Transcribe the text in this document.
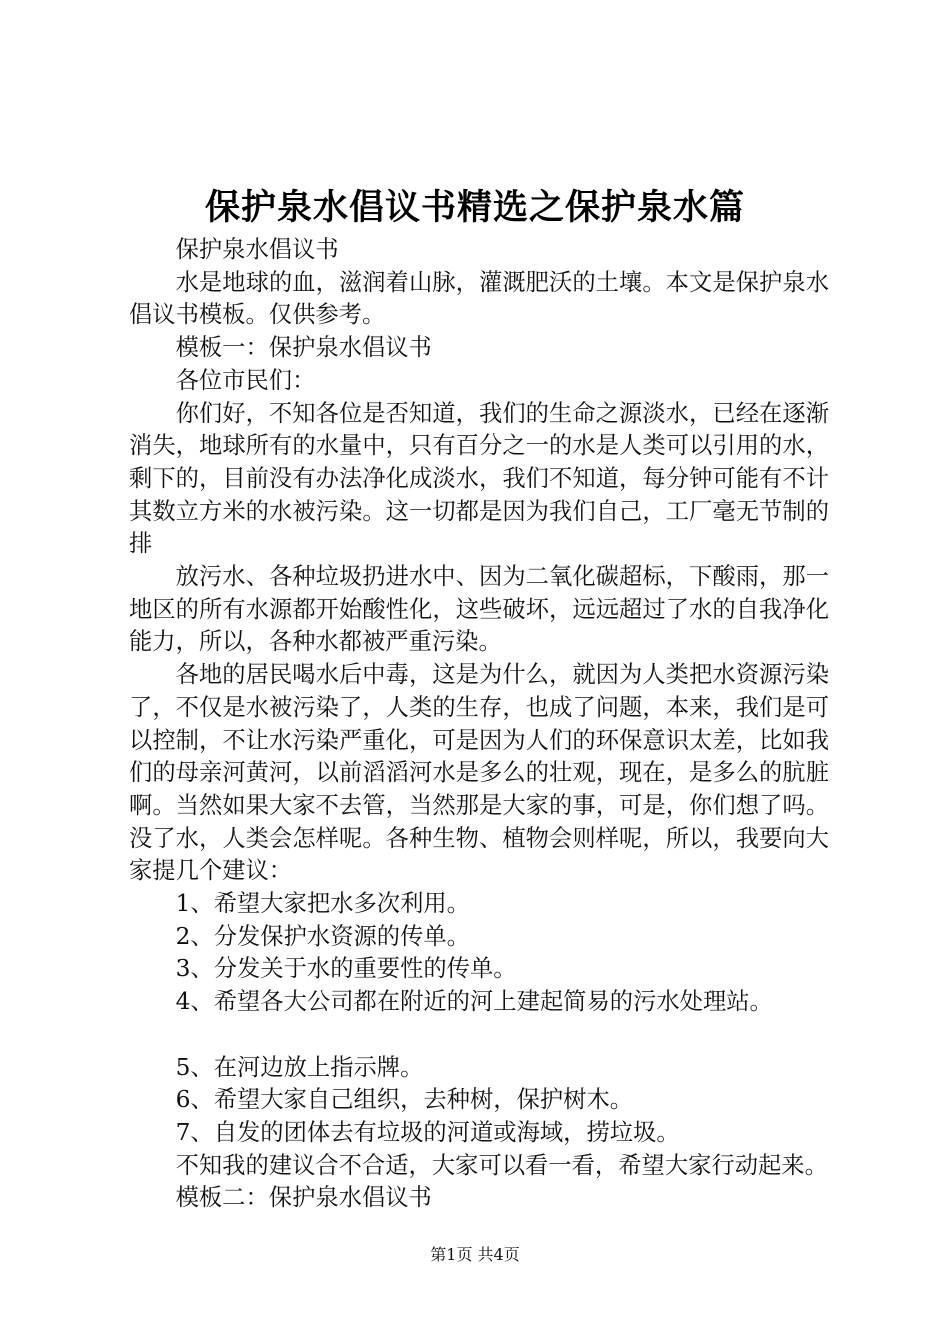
保护泉水倡议书精选之保护泉水篇

保护泉水倡议书

水是地球的血，滋润着山脉，灌溉肥沃的土壤。本文是保护泉水倡议书模板。仅供参考。

模板一：保护泉水倡议书

各位市民们：

你们好，不知各位是否知道，我们的生命之源淡水，已经在逐渐消失，地球所有的水量中，只有百分之一的水是人类可以引用的水，剩下的，目前没有办法净化成淡水，我们不知道，每分钟可能有不计其数立方米的水被污染。这一切都是因为我们自己，工厂毫无节制的排

放污水、各种垃圾扔进水中、因为二氧化碳超标，下酸雨，那一地区的所有水源都开始酸性化，这些破坏，远远超过了水的自我净化能力，所以，各种水都被严重污染。

各地的居民喝水后中毒，这是为什么，就因为人类把水资源污染了，不仅是水被污染了，人类的生存，也成了问题，本来，我们是可以控制，不让水污染严重化，可是因为人们的环保意识太差，比如我们的母亲河黄河，以前滔滔河水是多么的壮观，现在，是多么的肮脏啊。当然如果大家不去管，当然那是大家的事，可是，你们想了吗。没了水，人类会怎样呢。各种生物、植物会则样呢，所以，我要向大家提几个建议：

1、希望大家把水多次利用。

2、分发保护水资源的传单。

3、分发关于水的重要性的传单。

4、希望各大公司都在附近的河上建起简易的污水处理站。

5、在河边放上指示牌。

6、希望大家自己组织，去种树，保护树木。

7、自发的团体去有垃圾的河道或海域，捞垃圾。

不知我的建议合不合适，大家可以看一看，希望大家行动起来。

模板二：保护泉水倡议书

第1页 共4页
